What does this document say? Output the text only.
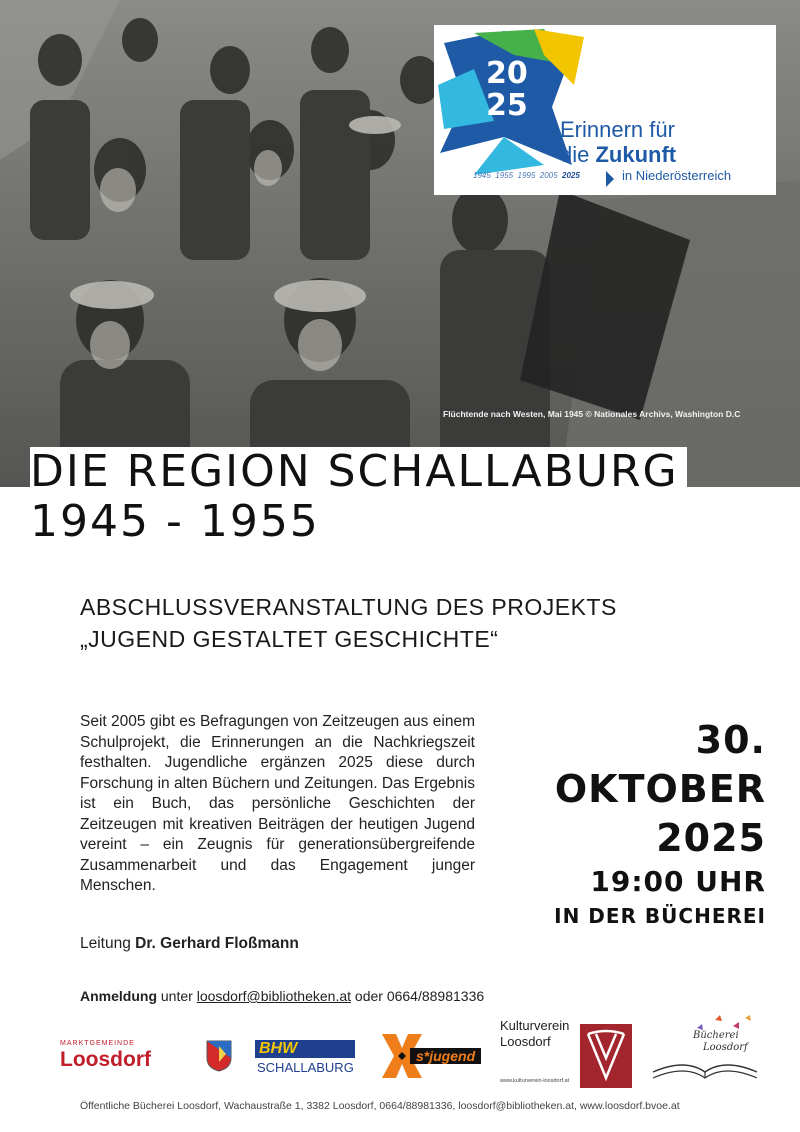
Flüchtende nach Westen, Mai 1945 © Nationales Archivs, Washington D.C
20
25
Erinnern für
die Zukunft
1945 1955 1995 2005 2025	in Niederösterreich
DIE REGION SCHALLABURG
1945 - 1955
ABSCHLUSSVERANSTALTUNG DES PROJEKTS
„JUGEND GESTALTET GESCHICHTE“
Seit 2005 gibt es Befragungen von Zeitzeugen aus einem Schulprojekt, die Erinnerungen an die Nachkriegszeit festhalten. Jugendliche ergänzen 2025 diese durch Forschung in alten Büchern und Zeitungen. Das Ergebnis ist ein Buch, das persönliche Geschichten der Zeitzeugen mit kreativen Beiträgen der heutigen Jugend vereint – ein Zeugnis für generationsübergreifende Zusammenarbeit und das Engagement junger Menschen.
Leitung Dr. Gerhard Floßmann
30.
OKTOBER
2025
19:00 UHR
IN DER BÜCHEREI
Anmeldung unter loosdorf@bibliotheken.at oder 0664/88981336
MARKTGEMEINDE
Loosdorf	BHW
SCHALLABURG
s*jugend
Kulturverein
Loosdorf
www.kulturverein-loosdorf.at
Bücherei
Loosdorf
Öffentliche Bücherei Loosdorf, Wachaustraße 1, 3382 Loosdorf, 0664/88981336, loosdorf@bibliotheken.at, www.loosdorf.bvoe.at
